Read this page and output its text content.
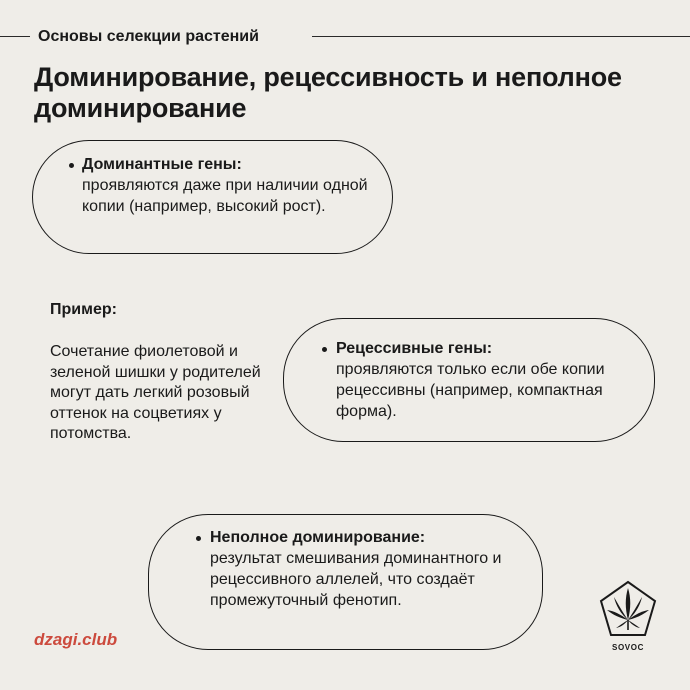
Основы селекции растений
Доминирование, рецессивность и неполное доминирование
Доминантные гены:
проявляются даже при наличии одной копии (например, высокий рост).
Пример:
Сочетание фиолетовой и зеленой шишки у родителей могут дать легкий розовый оттенок на соцветиях у потомства.
Рецессивные гены:
проявляются только если обе копии рецессивны (например, компактная форма).
Неполное доминирование:
результат смешивания доминантного и рецессивного аллелей, что создаёт промежуточный фенотип.
dzagi.club	SOVOC
